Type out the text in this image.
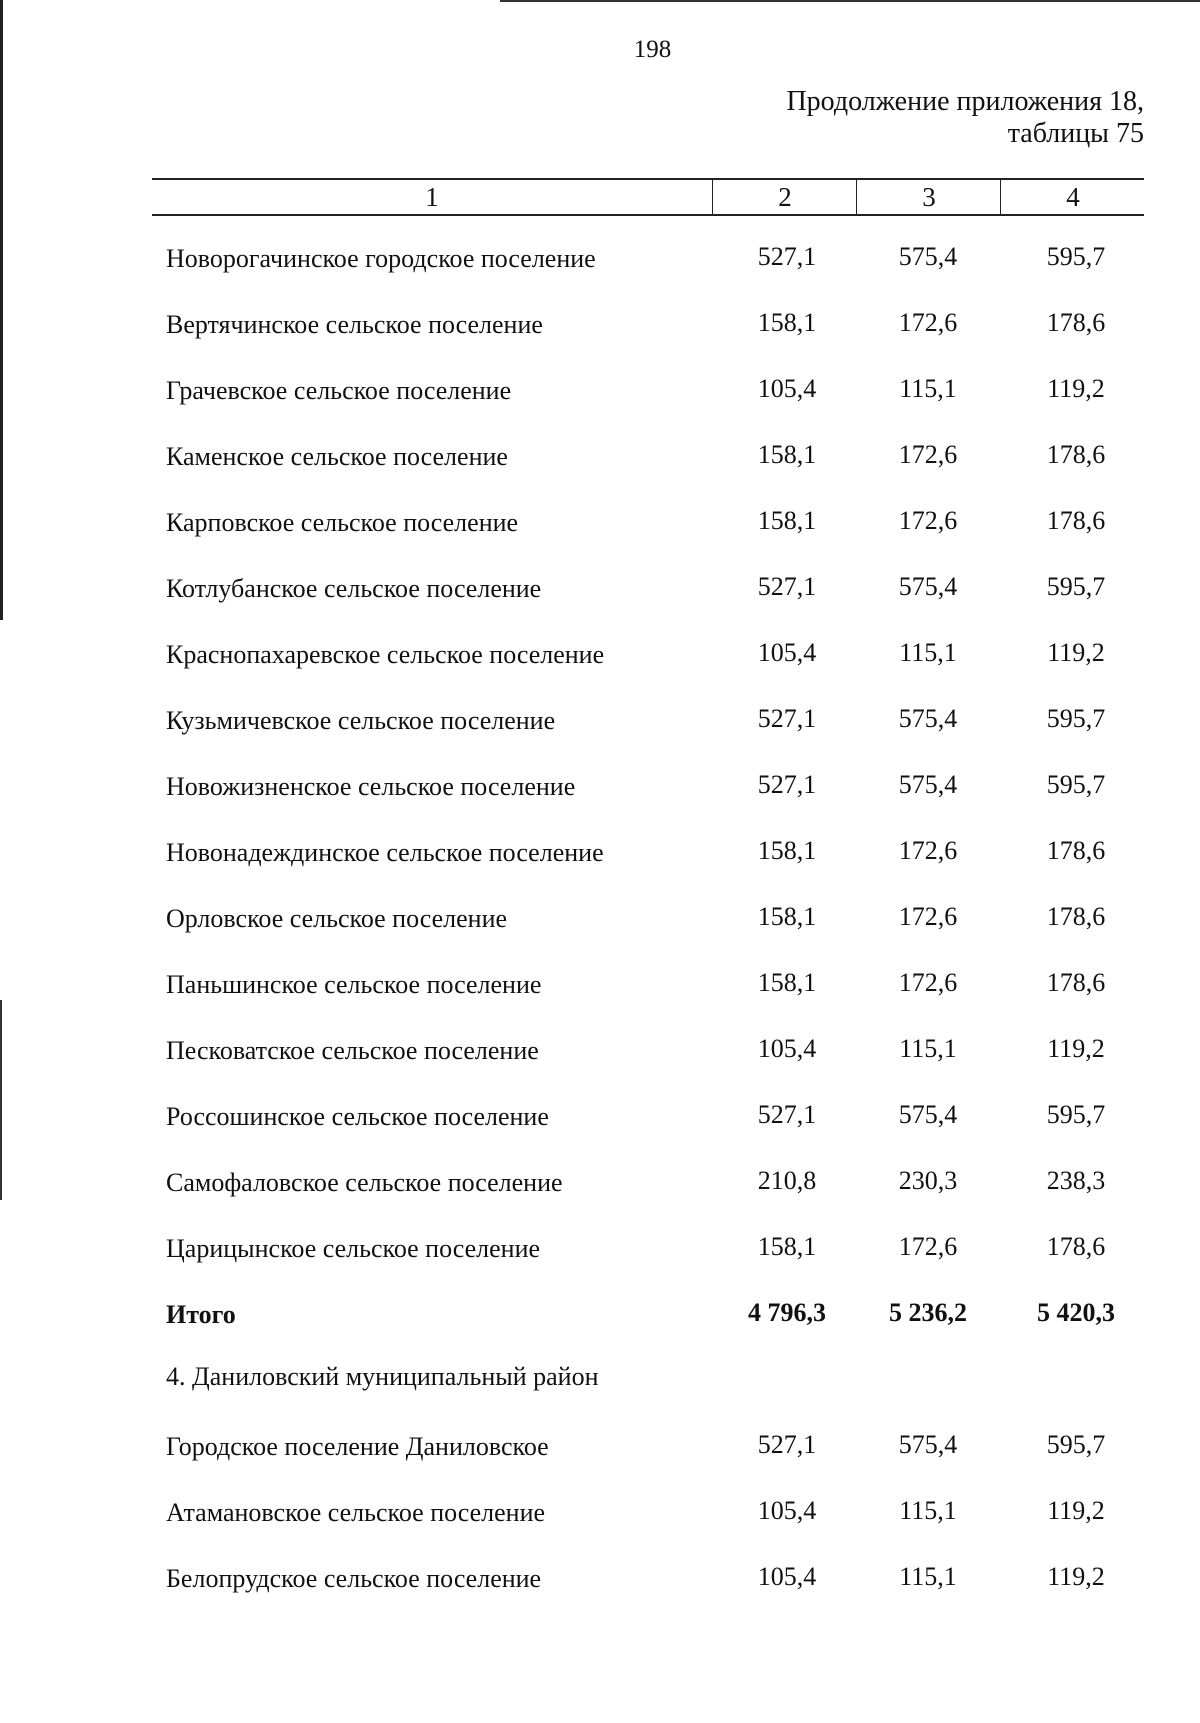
198
Продолжение приложения 18,
таблицы 75
1	2	3	4
Новорогачинское городское поселение	527,1	575,4	595,7
Вертячинское сельское поселение	158,1	172,6	178,6
Грачевское сельское поселение	105,4	115,1	119,2
Каменское сельское поселение	158,1	172,6	178,6
Карповское сельское поселение	158,1	172,6	178,6
Котлубанское сельское поселение	527,1	575,4	595,7
Краснопахаревское сельское поселение	105,4	115,1	119,2
Кузьмичевское сельское поселение	527,1	575,4	595,7
Новожизненское сельское поселение	527,1	575,4	595,7
Новонадеждинское сельское поселение	158,1	172,6	178,6
Орловское сельское поселение	158,1	172,6	178,6
Паньшинское сельское поселение	158,1	172,6	178,6
Песковатское сельское поселение	105,4	115,1	119,2
Россошинское сельское поселение	527,1	575,4	595,7
Самофаловское сельское поселение	210,8	230,3	238,3
Царицынское сельское поселение	158,1	172,6	178,6
Итого	4 796,3	5 236,2	5 420,3
4. Даниловский муниципальный район
Городское поселение Даниловское	527,1	575,4	595,7
Атамановское сельское поселение	105,4	115,1	119,2
Белопрудское сельское поселение	105,4	115,1	119,2
